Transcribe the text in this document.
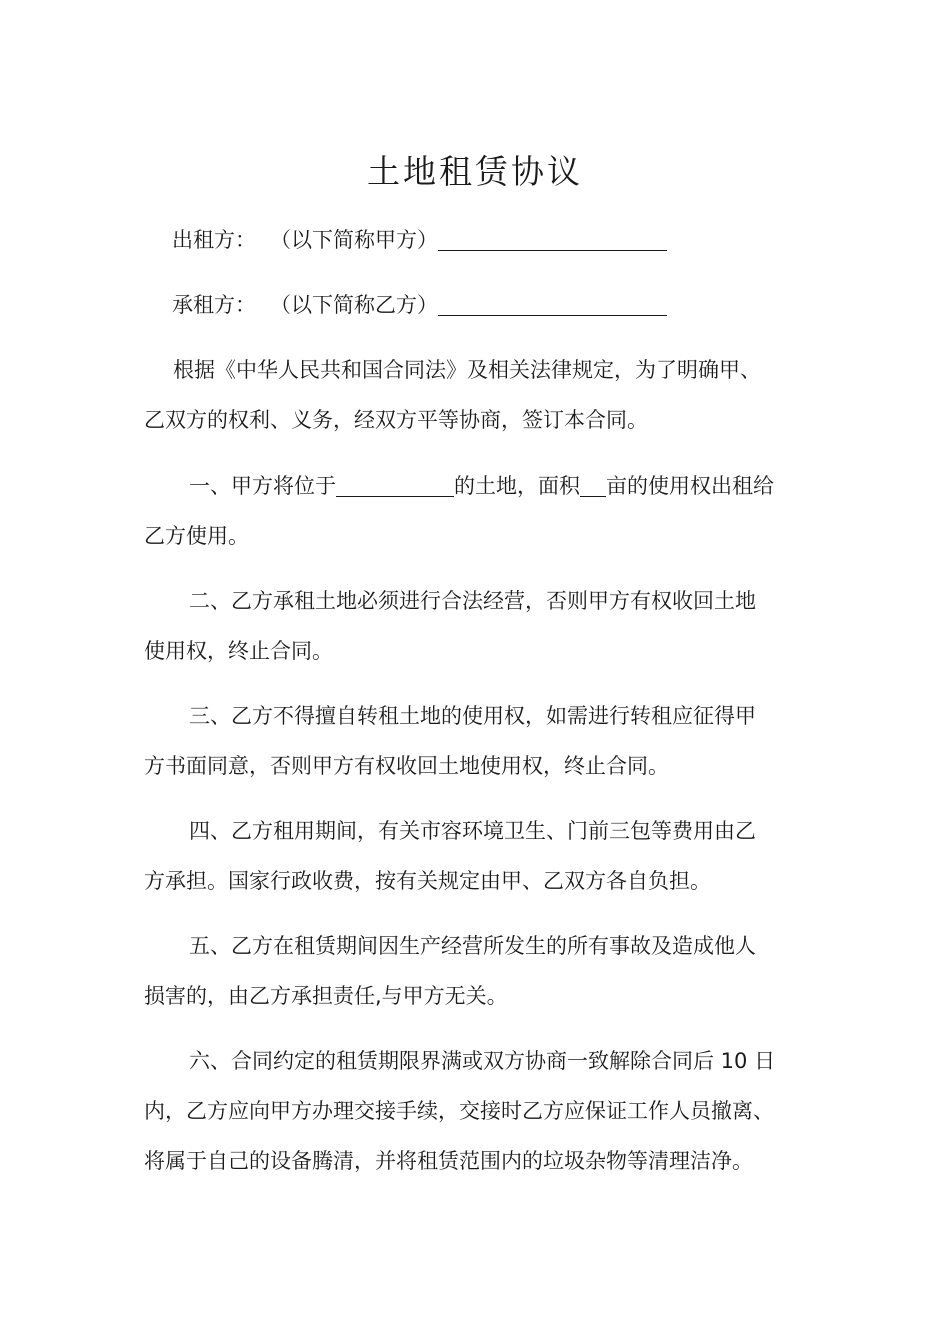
土地租赁协议
出租方： （以下简称甲方）
承租方： （以下简称乙方）
根据《中华人民共和国合同法》及相关法律规定，为了明确甲、
乙双方的权利、义务，经双方平等协商，签订本合同。
一、甲方将位于	的土地，面积 亩的使用权出租给
乙方使用。
二、乙方承租土地必须进行合法经营，否则甲方有权收回土地
使用权，终止合同。
三、乙方不得擅自转租土地的使用权，如需进行转租应征得甲
方书面同意，否则甲方有权收回土地使用权，终止合同。
四、乙方租用期间，有关市容环境卫生、门前三包等费用由乙
方承担。国家行政收费，按有关规定由甲、乙双方各自负担。
五、乙方在租赁期间因生产经营所发生的所有事故及造成他人
损害的，由乙方承担责任,与甲方无关。
六、合同约定的租赁期限界满或双方协商一致解除合同后 10 日
内，乙方应向甲方办理交接手续，交接时乙方应保证工作人员撤离、
将属于自己的设备腾清，并将租赁范围内的垃圾杂物等清理洁净。
